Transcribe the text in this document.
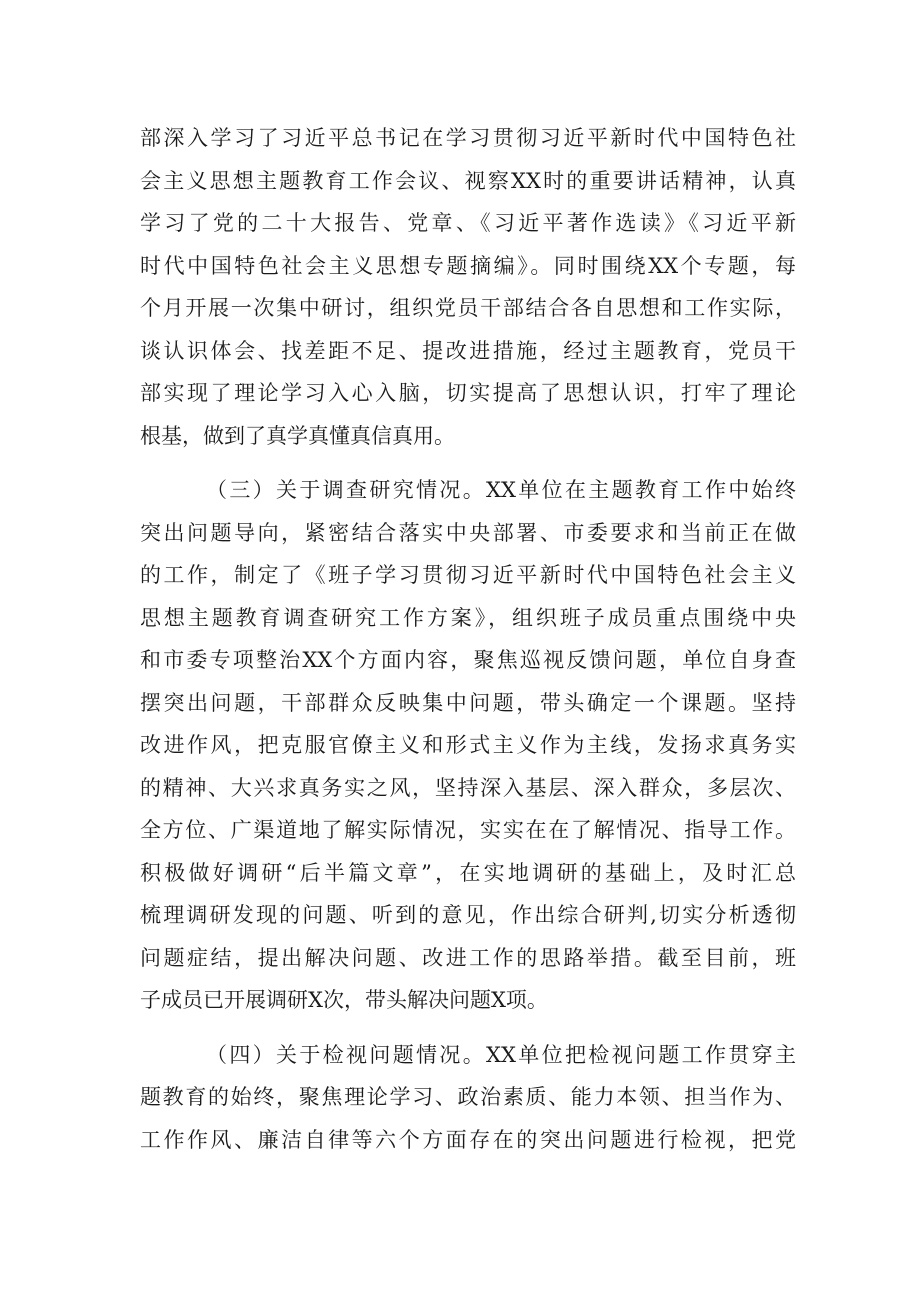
部深入学习了习近平总书记在学习贯彻习近平新时代中国特色社
会主义思想主题教育工作会议、视察XX时的重要讲话精神，认真
学习了党的二十大报告、党章、《习近平著作选读》《习近平新
时代中国特色社会主义思想专题摘编》。同时围绕XX个专题，每
个月开展一次集中研讨，组织党员干部结合各自思想和工作实际，
谈认识体会、找差距不足、提改进措施，经过主题教育，党员干
部实现了理论学习入心入脑，切实提高了思想认识，打牢了理论
根基，做到了真学真懂真信真用。
（三）关于调查研究情况。XX单位在主题教育工作中始终
突出问题导向，紧密结合落实中央部署、市委要求和当前正在做
的工作，制定了《班子学习贯彻习近平新时代中国特色社会主义
思想主题教育调查研究工作方案》，组织班子成员重点围绕中央
和市委专项整治XX个方面内容，聚焦巡视反馈问题，单位自身查
摆突出问题，干部群众反映集中问题，带头确定一个课题。坚持
改进作风，把克服官僚主义和形式主义作为主线，发扬求真务实
的精神、大兴求真务实之风，坚持深入基层、深入群众，多层次、
全方位、广渠道地了解实际情况，实实在在了解情况、指导工作。
积极做好调研“后半篇文章”，在实地调研的基础上，及时汇总
梳理调研发现的问题、听到的意见，作出综合研判,切实分析透彻
问题症结，提出解决问题、改进工作的思路举措。截至目前，班
子成员已开展调研X次，带头解决问题X项。
（四）关于检视问题情况。XX单位把检视问题工作贯穿主
题教育的始终，聚焦理论学习、政治素质、能力本领、担当作为、
工作作风、廉洁自律等六个方面存在的突出问题进行检视，把党
